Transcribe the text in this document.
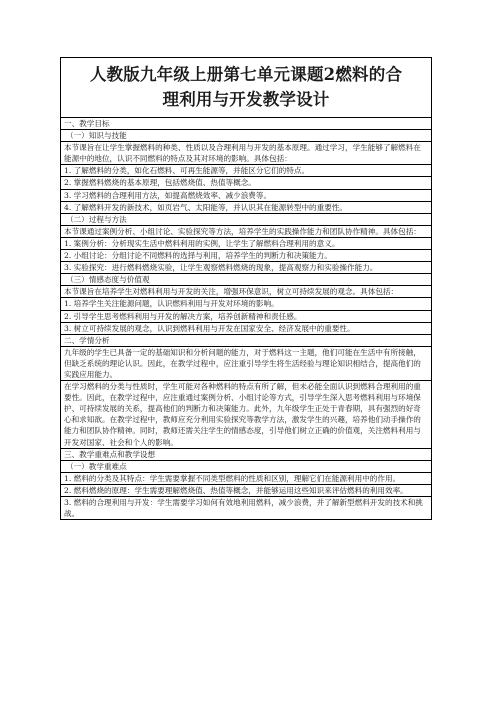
人教版九年级上册第七单元课题2燃料的合
理利用与开发教学设计

一、教学目标

（一）知识与技能

本节课旨在让学生掌握燃料的种类、性质以及合理利用与开发的基本原理。通过学习，学生能够了解燃料在能源中的地位，认识不同燃料的特点及其对环境的影响。具体包括：

1. 了解燃料的分类，如化石燃料、可再生能源等，并能区分它们的特点。

2. 掌握燃料燃烧的基本原理，包括燃烧值、热值等概念。

3. 学习燃料的合理利用方法，如提高燃烧效率、减少浪费等。

4. 了解燃料开发的新技术，如页岩气、太阳能等，并认识其在能源转型中的重要性。

（二）过程与方法

本节课通过案例分析、小组讨论、实验探究等方法，培养学生的实践操作能力和团队协作精神。具体包括：

1. 案例分析：分析现实生活中燃料利用的实例，让学生了解燃料合理利用的意义。

2. 小组讨论：分组讨论不同燃料的选择与利用，培养学生的判断力和决策能力。

3. 实验探究：进行燃料燃烧实验，让学生观察燃料燃烧的现象，提高观察力和实验操作能力。

（三）情感态度与价值观

本节课旨在培养学生对燃料利用与开发的关注，增强环保意识，树立可持续发展的观念。具体包括：

1. 培养学生关注能源问题，认识燃料利用与开发对环境的影响。

2. 引导学生思考燃料利用与开发的解决方案，培养创新精神和责任感。

3. 树立可持续发展的观念，认识到燃料利用与开发在国家安全、经济发展中的重要性。

二、学情分析

九年级的学生已具备一定的基础知识和分析问题的能力，对于燃料这一主题，他们可能在生活中有所接触，但缺乏系统的理论认识。因此，在教学过程中，应注重引导学生将生活经验与理论知识相结合，提高他们的实践应用能力。

在学习燃料的分类与性质时，学生可能对各种燃料的特点有所了解，但未必能全面认识到燃料合理利用的重要性。因此，在教学过程中，应注重通过案例分析、小组讨论等方式，引导学生深入思考燃料利用与环境保护、可持续发展的关系，提高他们的判断力和决策能力。此外，九年级学生正处于青春期，具有强烈的好奇心和求知欲。在教学过程中，教师应充分利用实验探究等教学方法，激发学生的兴趣，培养他们动手操作的能力和团队协作精神。同时，教师还需关注学生的情感态度，引导他们树立正确的价值观，关注燃料利用与开发对国家、社会和个人的影响。

三、教学重难点和教学设想

（一）教学重难点

1. 燃料的分类及其特点：学生需要掌握不同类型燃料的性质和区别，理解它们在能源利用中的作用。

2. 燃料燃烧的原理：学生需要理解燃烧值、热值等概念，并能够运用这些知识来评估燃料的利用效率。

3. 燃料的合理利用与开发：学生需要学习如何有效地利用燃料，减少浪费，并了解新型燃料开发的技术和挑战。
